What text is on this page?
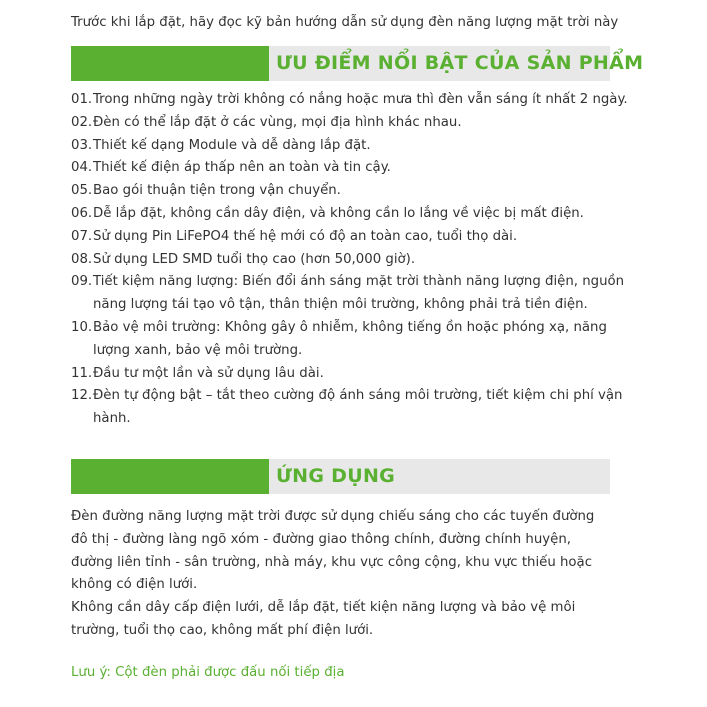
Trước khi lắp đặt, hãy đọc kỹ bản hướng dẫn sử dụng đèn năng lượng mặt trời này
ƯU ĐIỂM NỔI BẬT CỦA SẢN PHẨM
01. Trong những ngày trời không có nắng hoặc mưa thì đèn vẫn sáng ít nhất 2 ngày.
02. Đèn có thể lắp đặt ở các vùng, mọi địa hình khác nhau.
03. Thiết kế dạng Module và dễ dàng lắp đặt.
04. Thiết kế điện áp thấp nên an toàn và tin cậy.
05. Bao gói thuận tiện trong vận chuyển.
06. Dễ lắp đặt, không cần dây điện, và không cần lo lắng về việc bị mất điện.
07. Sử dụng Pin LiFePO4 thế hệ mới có độ an toàn cao, tuổi thọ dài.
08. Sử dụng LED SMD tuổi thọ cao (hơn 50,000 giờ).
09. Tiết kiệm năng lượng: Biến đổi ánh sáng mặt trời thành năng lượng điện, nguồn năng lượng tái tạo vô tận, thân thiện môi trường, không phải trả tiền điện.
10. Bảo vệ môi trường: Không gây ô nhiễm, không tiếng ồn hoặc phóng xạ, năng lượng xanh, bảo vệ môi trường.
11. Đầu tư một lần và sử dụng lâu dài.
12. Đèn tự động bật – tắt theo cường độ ánh sáng môi trường, tiết kiệm chi phí vận hành.
ỨNG DỤNG

Đèn đường năng lượng mặt trời được sử dụng chiếu sáng cho các tuyến đường đô thị - đường làng ngõ xóm - đường giao thông chính, đường chính huyện, đường liên tỉnh - sân trường, nhà máy, khu vực công cộng, khu vực thiếu hoặc không có điện lưới.

Không cần dây cấp điện lưới, dễ lắp đặt, tiết kiện năng lượng và bảo vệ môi trường, tuổi thọ cao, không mất phí điện lưới.

Lưu ý: Cột đèn phải được đấu nối tiếp địa
